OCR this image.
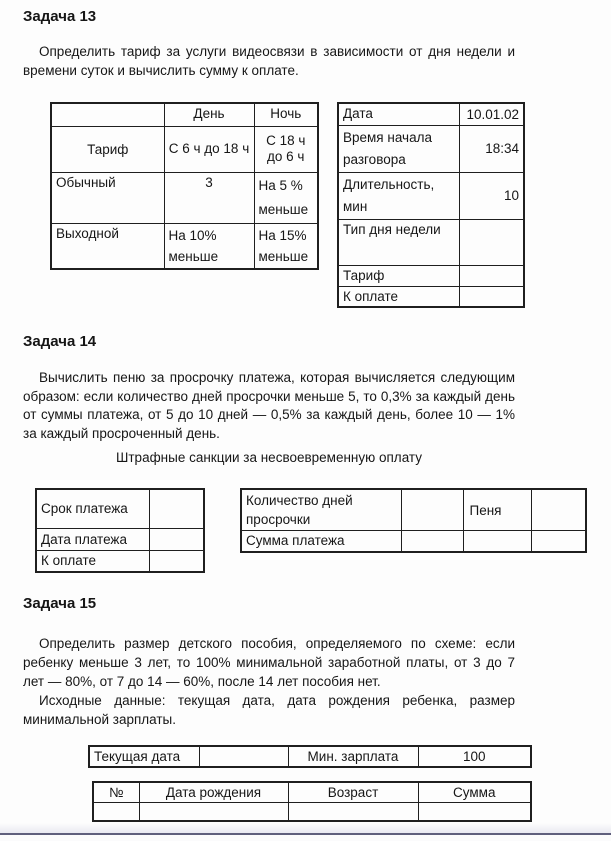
Задача 13

Определить тариф за услуги видеосвязи в зависимости от дня недели и времени суток и вычислить сумму к оплате.

	День	Ночь
Тариф	С 6 ч до 18 ч	С 18 ч до 6 ч
Обычный	3	На 5 % меньше
Выходной	На 10% меньше	На 15% меньше
Дата	10.01.02
Время начала разговора	18:34
Длительность, мин	10
Тип дня недели	
Тариф	
К оплате	
Задача 14

Вычислить пеню за просрочку платежа, которая вычисляется следующим образом: если количество дней просрочки меньше 5, то 0,3% за каждый день от суммы платежа, от 5 до 10 дней — 0,5% за каждый день, более 10 — 1% за каждый просроченный день.

Штрафные санкции за несвоевременную оплату

Срок платежа	
Дата платежа	
К оплате	
Количество дней просрочки		Пеня	
Сумма платежа			
Задача 15

Определить размер детского пособия, определяемого по схеме: если ребенку меньше 3 лет, то 100% минимальной заработной платы, от 3 до 7 лет — 80%, от 7 до 14 — 60%, после 14 лет пособия нет.

Исходные данные: текущая дата, дата рождения ребенка, размер минимальной зарплаты.

Текущая дата		Мин. зарплата	100
№	Дата рождения	Возраст	Сумма
